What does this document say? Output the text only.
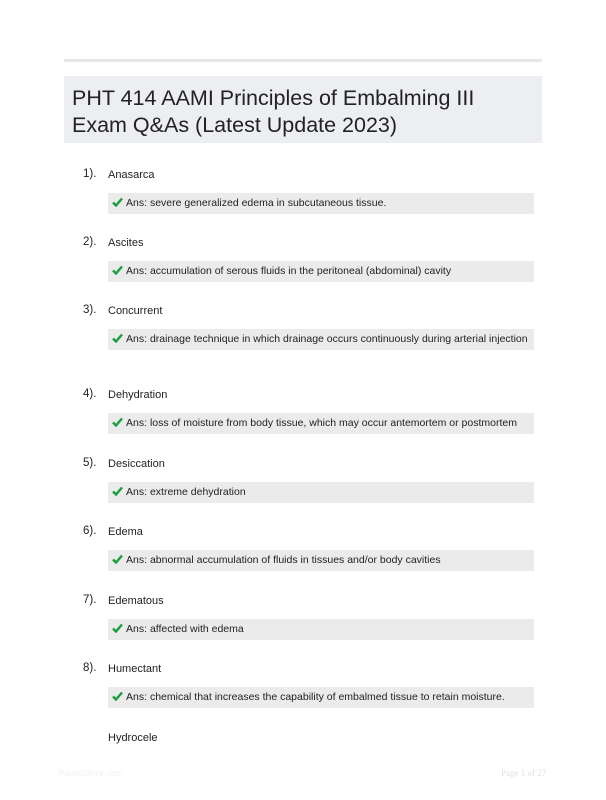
PHT 414 AAMI Principles of Embalming III Exam Q&As (Latest Update 2023)
1). Anasarca
Ans: severe generalized edema in subcutaneous tissue.
2). Ascites
Ans: accumulation of serous fluids in the peritoneal (abdominal) cavity
3). Concurrent
Ans: drainage technique in which drainage occurs continuously during arterial injection
4). Dehydration
Ans: loss of moisture from body tissue, which may occur antemortem or postmortem
5). Desiccation
Ans: extreme dehydration
6). Edema
Ans: abnormal accumulation of fluids in tissues and/or body cavities
7). Edematous
Ans: affected with edema
8). Humectant
Ans: chemical that increases the capability of embalmed tissue to retain moisture.
Hydrocele
PaperStore.com	Page 1 of 27
